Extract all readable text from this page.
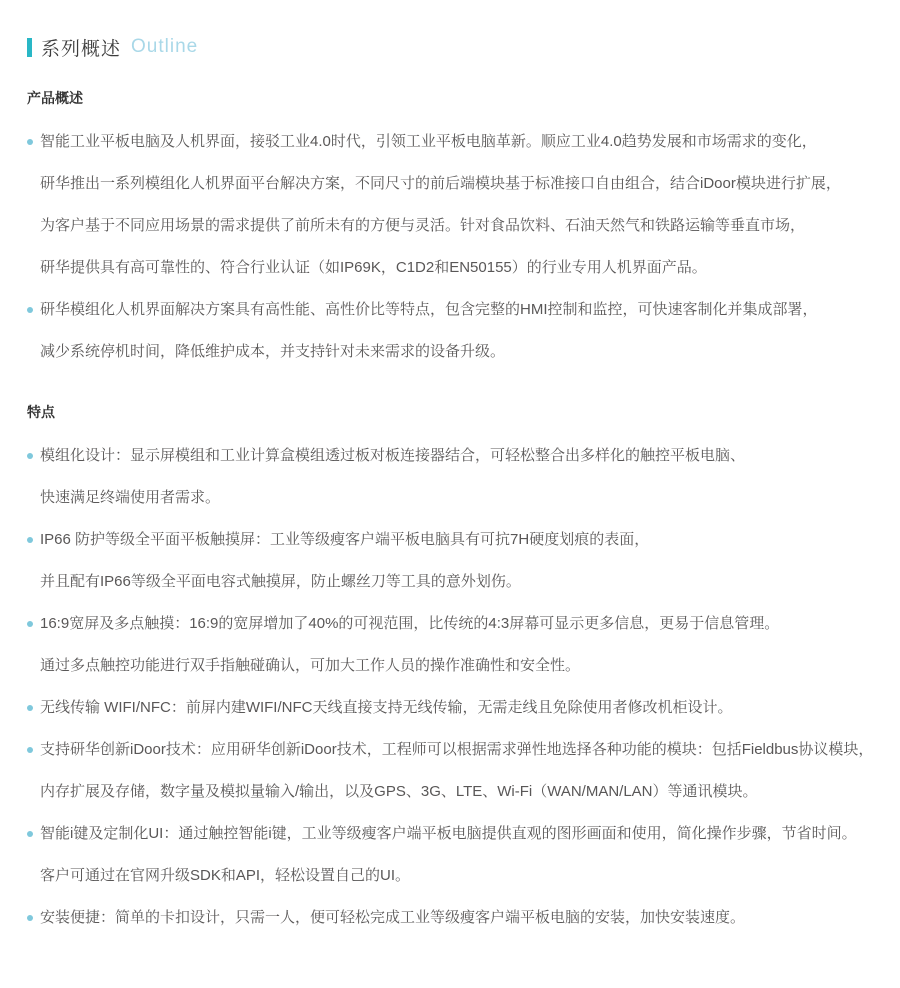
系列概述 Outline
产品概述
智能工业平板电脑及人机界面，接驳工业4.0时代，引领工业平板电脑革新。顺应工业4.0趋势发展和市场需求的变化，
研华推出一系列模组化人机界面平台解决方案，不同尺寸的前后端模块基于标准接口自由组合，结合iDoor模块进行扩展，
为客户基于不同应用场景的需求提供了前所未有的方便与灵活。针对食品饮料、石油天然气和铁路运输等垂直市场，
研华提供具有高可靠性的、符合行业认证（如IP69K，C1D2和EN50155）的行业专用人机界面产品。
研华模组化人机界面解决方案具有高性能、高性价比等特点，包含完整的HMI控制和监控，可快速客制化并集成部署，
减少系统停机时间，降低维护成本，并支持针对未来需求的设备升级。
特点
模组化设计：显示屏模组和工业计算盒模组透过板对板连接器结合，可轻松整合出多样化的触控平板电脑、
快速满足终端使用者需求。
IP66 防护等级全平面平板触摸屏：工业等级瘦客户端平板电脑具有可抗7H硬度划痕的表面，
并且配有IP66等级全平面电容式触摸屏，防止螺丝刀等工具的意外划伤。
16:9宽屏及多点触摸：16:9的宽屏增加了40%的可视范围，比传统的4:3屏幕可显示更多信息，更易于信息管理。
通过多点触控功能进行双手指触碰确认，可加大工作人员的操作准确性和安全性。
无线传输 WIFI/NFC：前屏内建WIFI/NFC天线直接支持无线传输，无需走线且免除使用者修改机柜设计。
支持研华创新iDoor技术：应用研华创新iDoor技术，工程师可以根据需求弹性地选择各种功能的模块：包括Fieldbus协议模块，
内存扩展及存储，数字量及模拟量输入/输出，以及GPS、3G、LTE、Wi-Fi（WAN/MAN/LAN）等通讯模块。
智能i键及定制化UI：通过触控智能i键，工业等级瘦客户端平板电脑提供直观的图形画面和使用，简化操作步骤，节省时间。
客户可通过在官网升级SDK和API，轻松设置自己的UI。
安装便捷：简单的卡扣设计，只需一人，便可轻松完成工业等级瘦客户端平板电脑的安装，加快安装速度。
